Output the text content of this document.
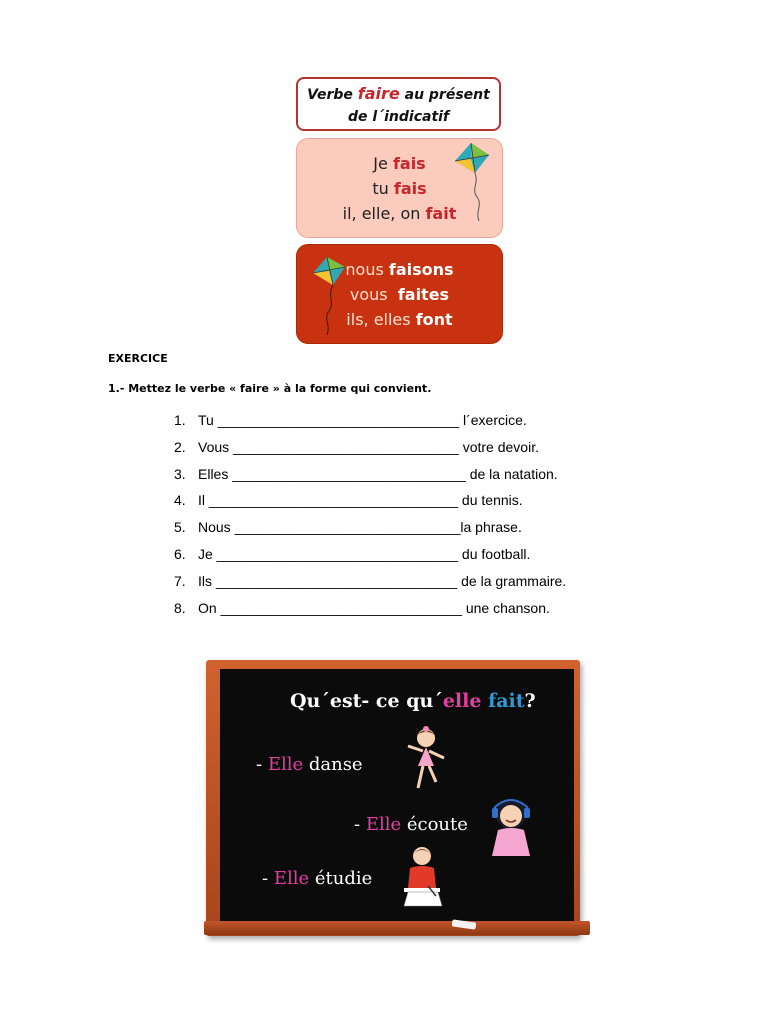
Verbe faire au présent
de l´indicatif
Je fais
tu fais
il, elle, on fait
nous faisons
vous  faites
ils, elles font
EXERCICE
1.- Mettez le verbe « faire » à la forme qui convient.
1. Tu _______________________________ l´exercice.
2. Vous _____________________________ votre devoir.
3. Elles ______________________________ de la natation.
4. Il ________________________________ du tennis.
5. Nous _____________________________la phrase.
6. Je _______________________________ du football.
7. Ils _______________________________ de la grammaire.
8. On _______________________________ une chanson.
Qu´est- ce qu´elle fait?
- Elle danse
- Elle écoute
- Elle étudie
